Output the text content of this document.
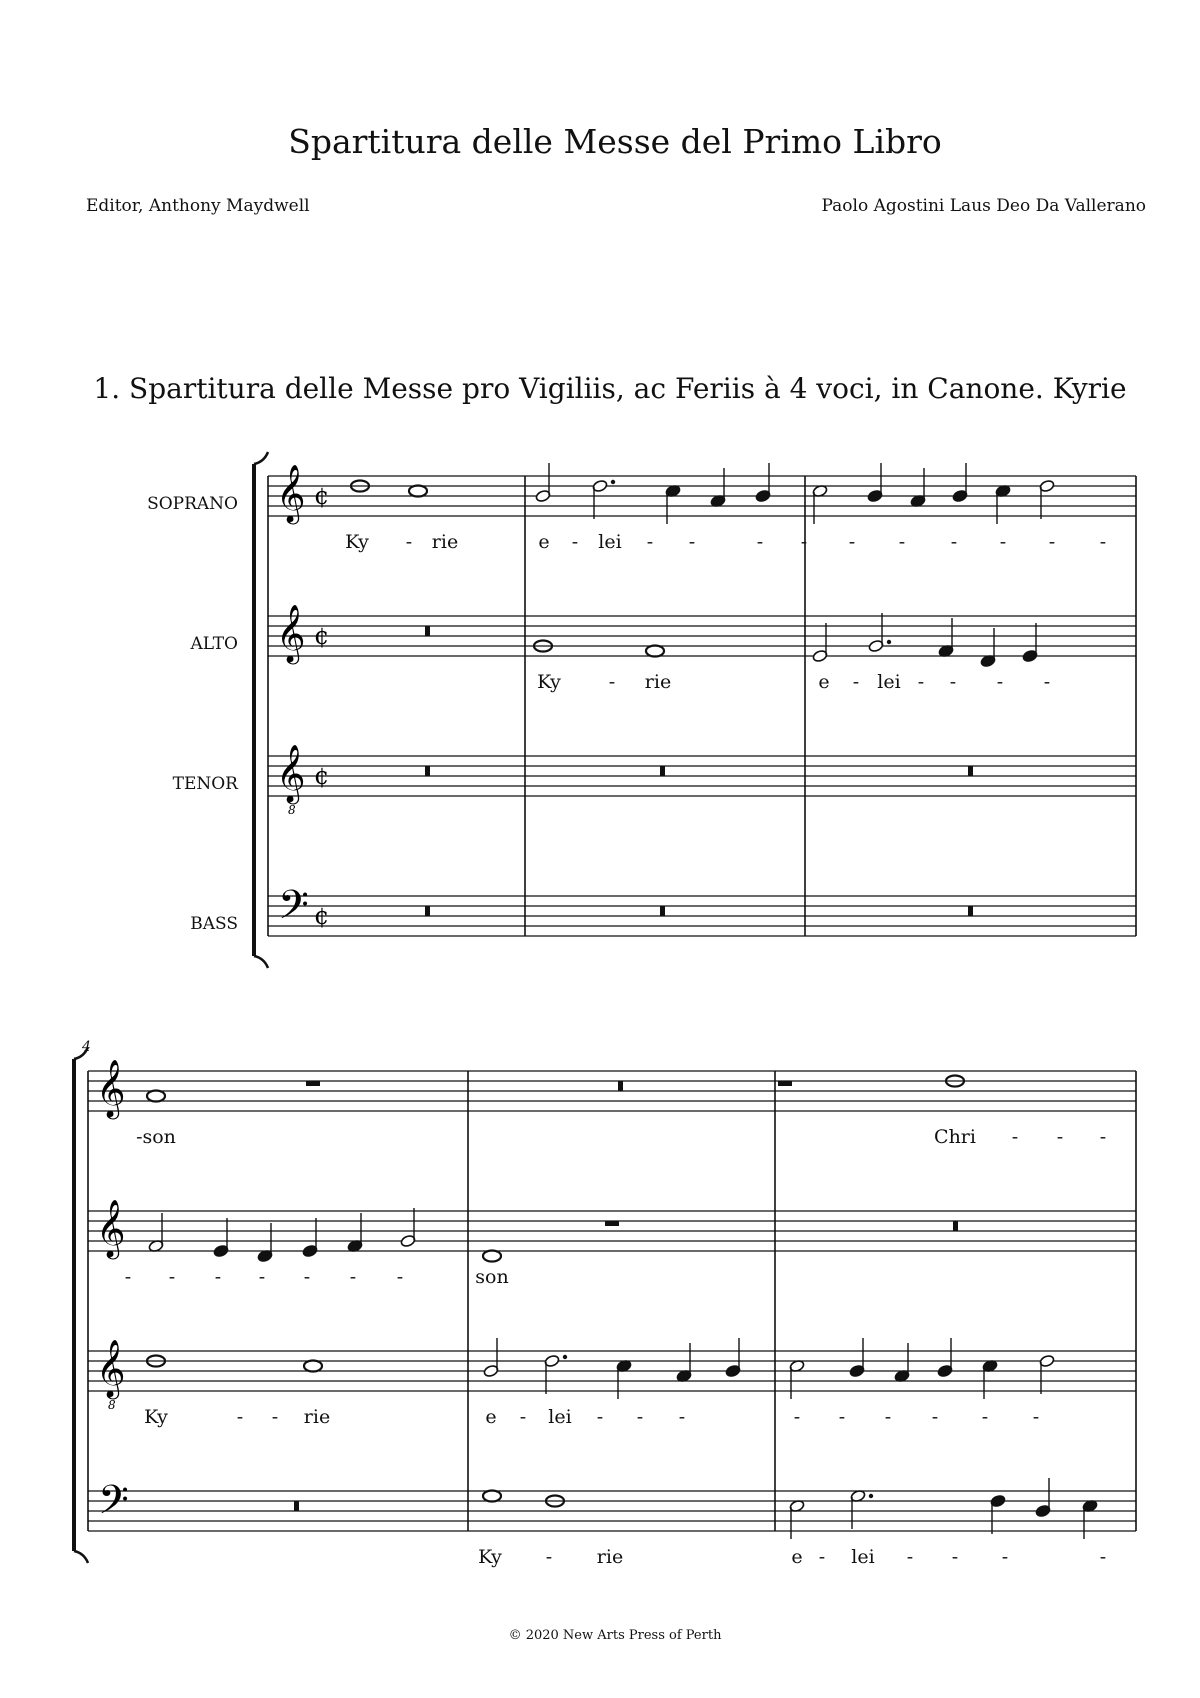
Spartitura delle Messe del Primo Libro
Editor, Anthony Maydwell	Paolo Agostini Laus Deo Da Vallerano
1. Spartitura delle Messe pro Vigiliis, ac Feriis à 4 voci, in Canone. Kyrie
SOPRANO
ALTO
TENOR
BASS
𝄞 ¢
Ky - rie	e - lei - -	- - - - - - - -
𝄞 ¢
Ky	- rie	e - lei - - - -
𝄞
8
¢
𝄢 ¢
4
𝄞
-son	Chri - - -
𝄞
- - - - - - -	son
𝄞
8
Ky	- - rie	e - lei - - -	- - - - - -
𝄢
Ky - rie	e - lei - - -	-
© 2020 New Arts Press of Perth
